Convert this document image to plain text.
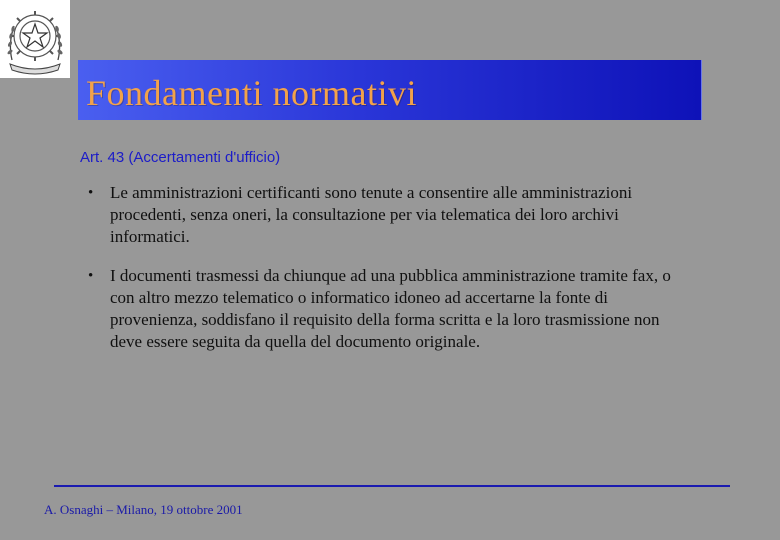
Fondamenti normativi
Art. 43 (Accertamenti d'ufficio)
• Le amministrazioni certificanti sono tenute a consentire alle amministrazioni procedenti, senza oneri, la consultazione per via telematica dei loro archivi informatici.
• I documenti trasmessi da chiunque ad una pubblica amministrazione tramite fax, o con altro mezzo telematico o informatico idoneo ad accertarne la fonte di provenienza, soddisfano il requisito della forma scritta e la loro trasmissione non deve essere seguita da quella del documento originale.
A. Osnaghi – Milano, 19 ottobre 2001
